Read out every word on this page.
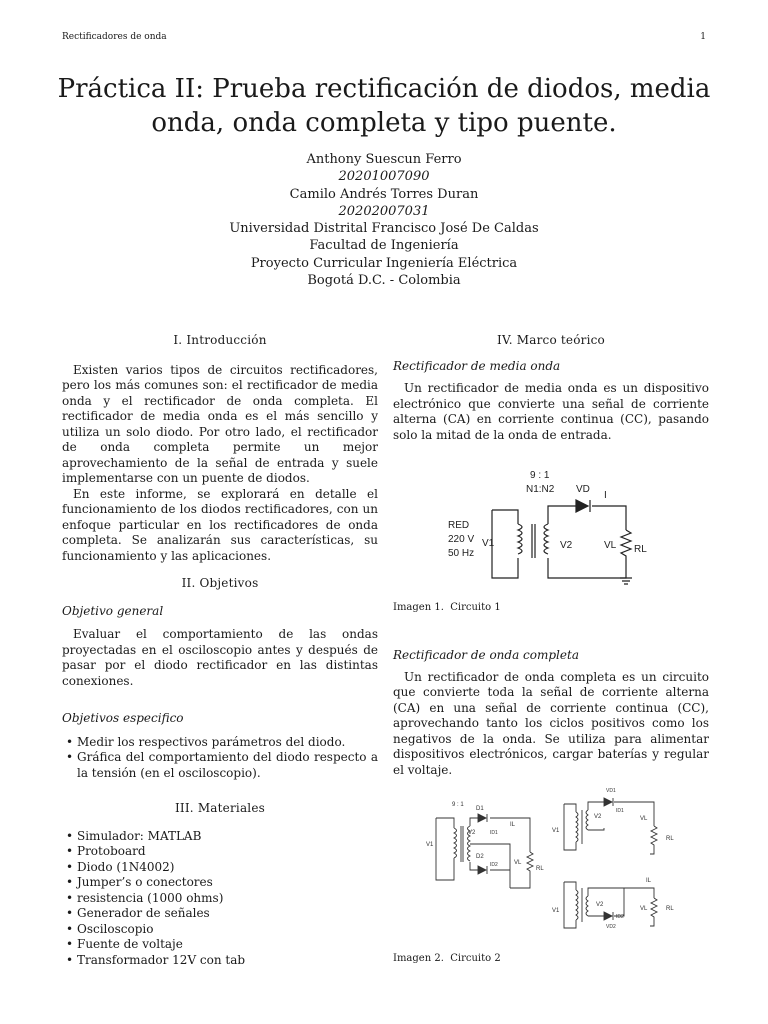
Rectificadores de onda	1
Práctica II: Prueba rectificación de diodos, media
onda, onda completa y tipo puente.
Anthony Suescun Ferro
20201007090
Camilo Andrés Torres Duran
20202007031
Universidad Distrital Francisco José De Caldas
Facultad de Ingeniería
Proyecto Curricular Ingeniería Eléctrica
Bogotá D.C. - Colombia
I. Introducción
Existen varios tipos de circuitos rectificadores, pero los más comunes son: el rectificador de media onda y el rectificador de onda completa. El rectificador de media onda es el más sencillo y utiliza un solo diodo. Por otro lado, el rectificador de onda completa permite un mejor aprovechamiento de la señal de entrada y suele implementarse con un puente de diodos.
En este informe, se explorará en detalle el funcionamiento de los diodos rectificadores, con un enfoque particular en los rectificadores de onda completa. Se analizarán sus características, su funcionamiento y las aplicaciones.
II. Objetivos
Objetivo general
Evaluar el comportamiento de las ondas proyectadas en el osciloscopio antes y después de pasar por el diodo rectificador en las distintas conexiones.
Objetivos especifico
• Medir los respectivos parámetros del diodo.
• Gráfica del comportamiento del diodo respecto a la tensión (en el osciloscopio).
III. Materiales
• Simulador: MATLAB
• Protoboard
• Diodo (1N4002)
• Jumper’s o conectores
• resistencia (1000 ohms)
• Generador de señales
• Osciloscopio
• Fuente de voltaje
• Transformador 12V con tab
IV. Marco teórico
Rectificador de media onda
Un rectificador de media onda es un dispositivo electrónico que convierte una señal de corriente alterna (CA) en corriente continua (CC), pasando solo la mitad de la onda de entrada.
9 : 1
N1:N2 VD
I
RED
220 V
50 Hz
V1	V2	VL RL
Imagen 1. Circuito 1
Rectificador de onda completa
Un rectificador de onda completa es un circuito que convierte toda la señal de corriente alterna (CA) en una señal de corriente continua (CC), aprovechando tanto los ciclos positivos como los negativos de la onda. Se utiliza para alimentar dispositivos electrónicos, cargar baterías y regular el voltaje.
9 : 1
D1
D2
V1
V2
IL
VL
RL
ID1
ID2
VD1
ID1
V1
V2	VL
RL
IL
V1
V2
VL	RL
ID2
VD2
Imagen 2. Circuito 2
